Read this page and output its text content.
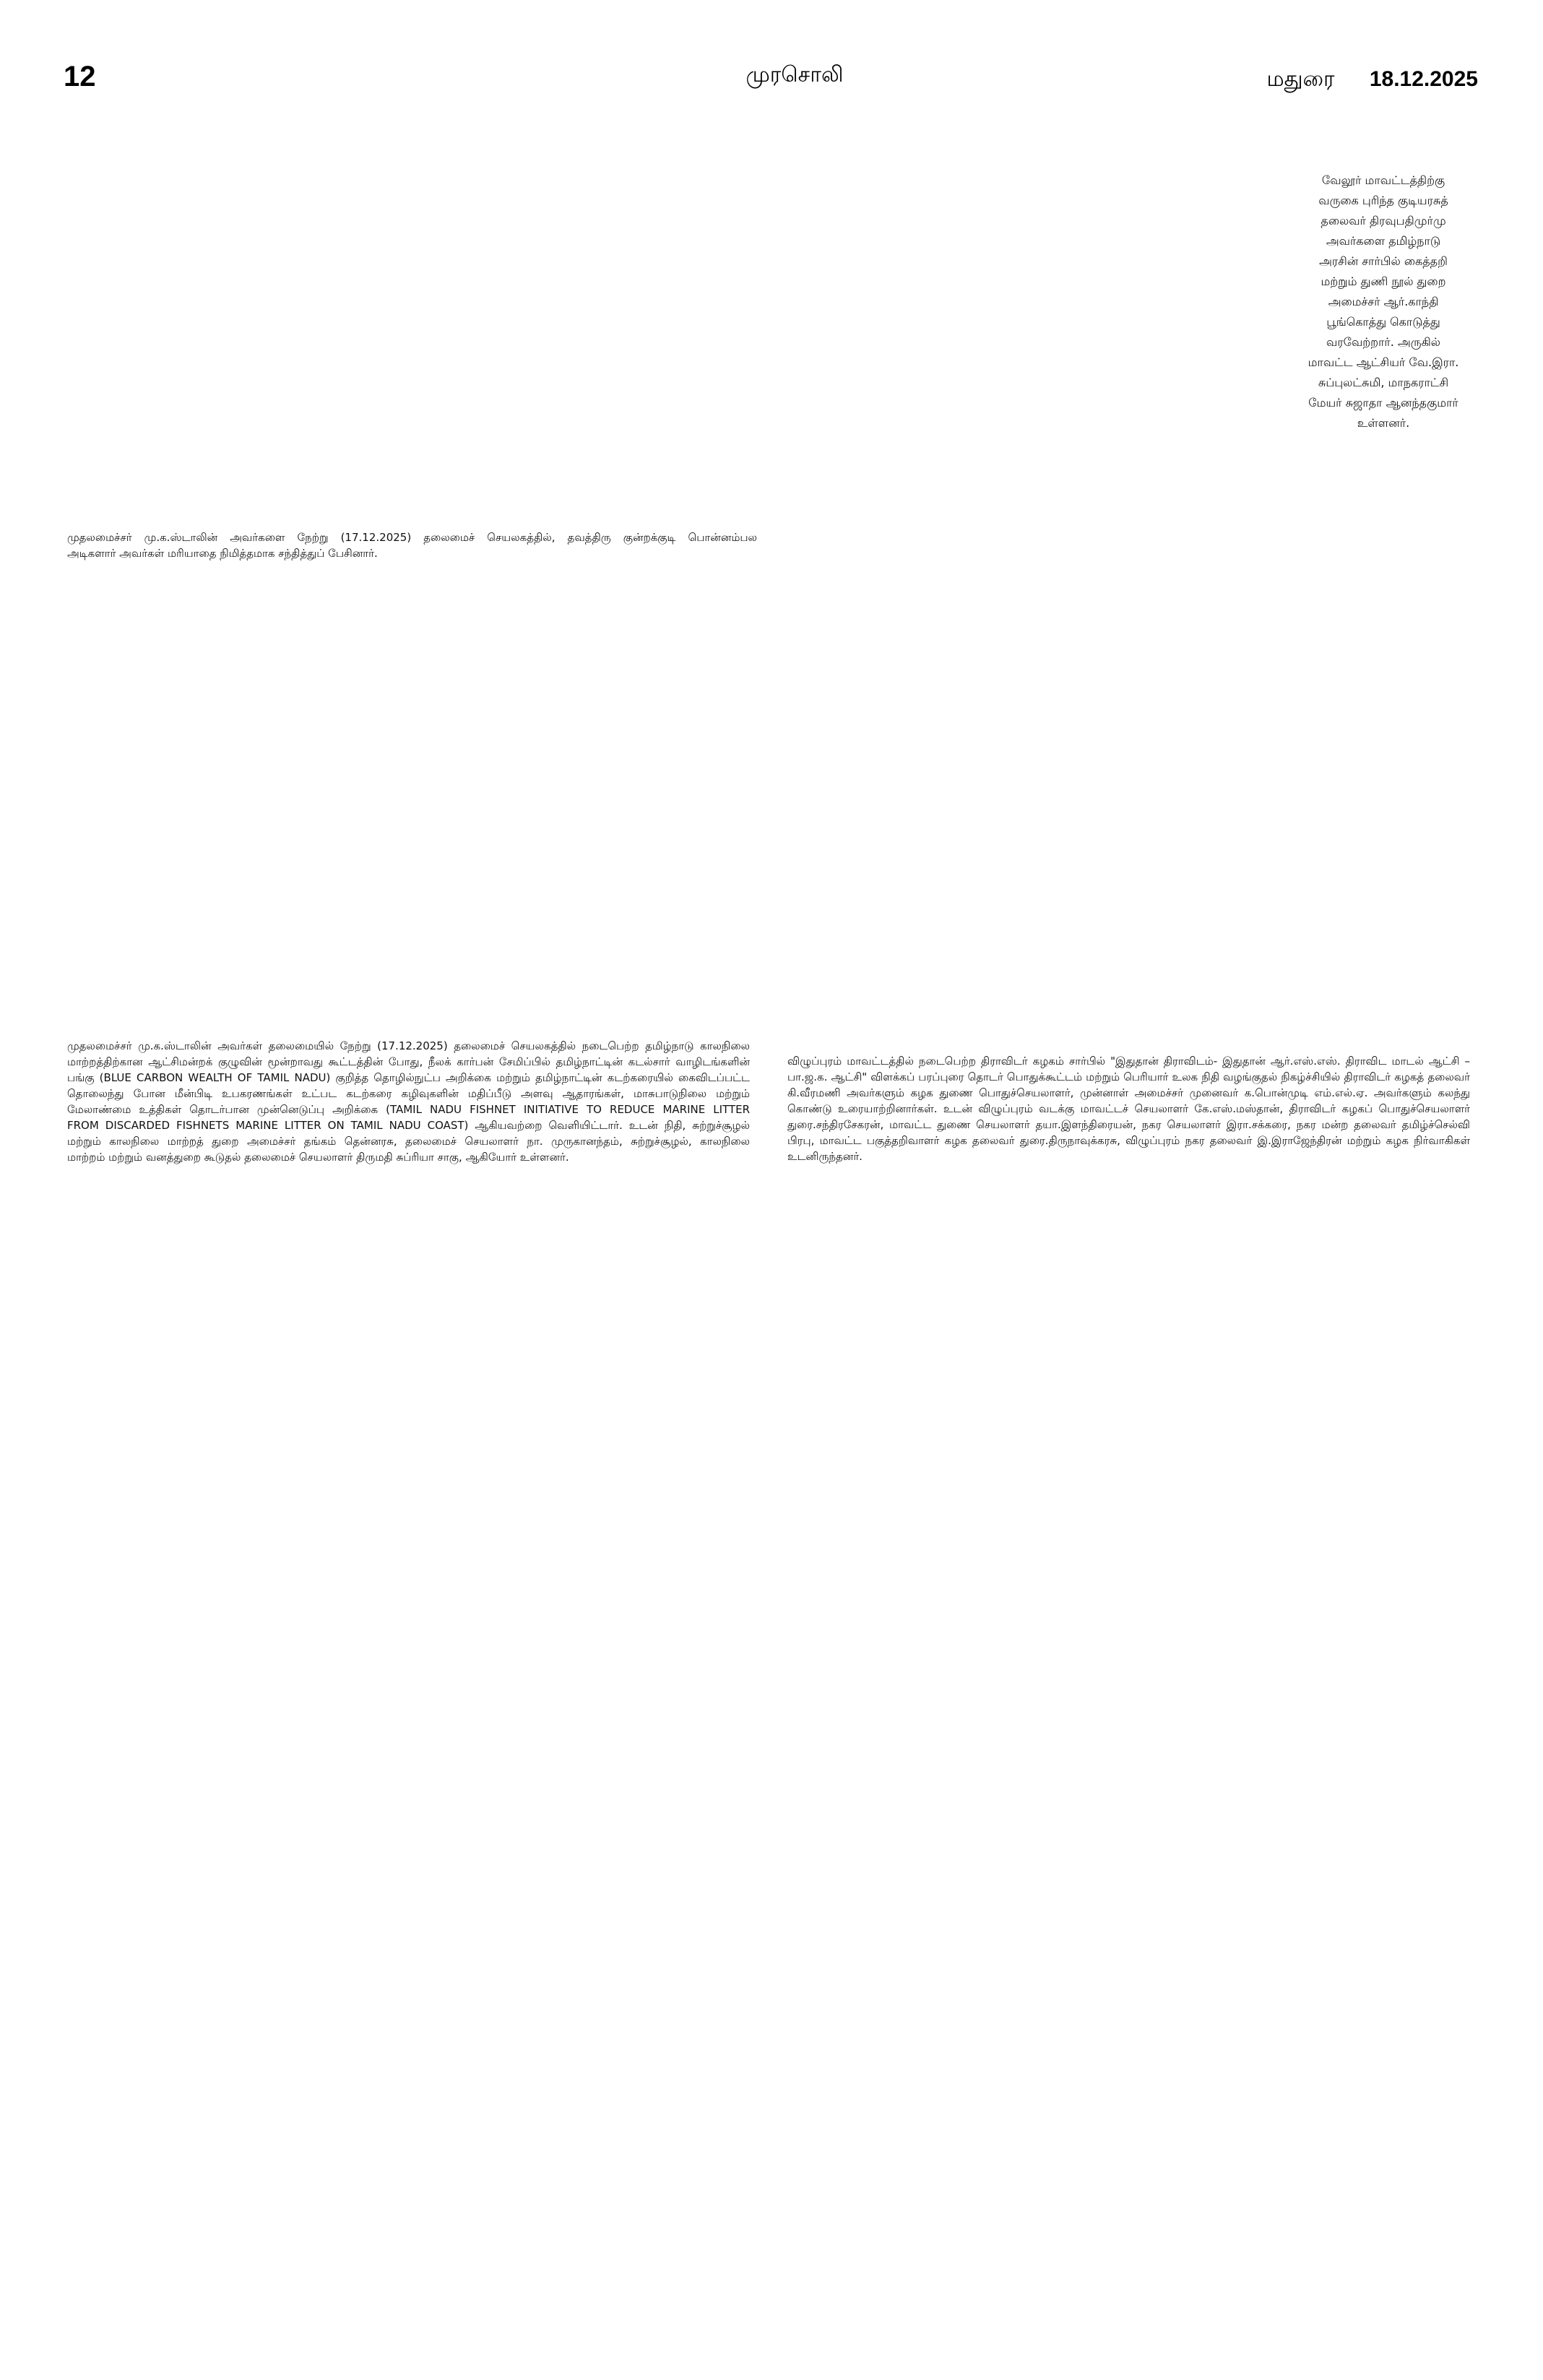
12	முரசொலி	மதுரை 18.12.2025
வேலூர் மாவட்டத்திற்கு
வருகை புரிந்த குடியரசுத்
தலைவர் திரவுபதிமுர்மு
அவர்களை தமிழ்நாடு
அரசின் சார்பில் கைத்தறி
மற்றும் துணி நூல் துறை
அமைச்சர் ஆர்.காந்தி
பூங்கொத்து கொடுத்து
வரவேற்றார். அருகில்
மாவட்ட ஆட்சியர் வே.இரா.
சுப்புலட்சுமி, மாநகராட்சி
மேயர் சுஜாதா ஆனந்தகுமார்
உள்ளனர்.
முதலமைச்சர் மு.க.ஸ்டாலின் அவர்களை நேற்று (17.12.2025) தலைமைச் செயலகத்தில், தவத்திரு குன்றக்குடி பொன்னம்பல
அடிகளார் அவர்கள் மரியாதை நிமித்தமாக சந்தித்துப் பேசினார்.
முதலமைச்சர் மு.க.ஸ்டாலின் அவர்கள் தலைமையில் நேற்று (17.12.2025) தலைமைச் செயலகத்தில் நடைபெற்ற தமிழ்நாடு காலநிலை
மாற்றத்திற்கான ஆட்சிமன்றக் குழுவின் மூன்றாவது கூட்டத்தின் போது, நீலக் கார்பன் சேமிப்பில் தமிழ்நாட்டின் கடல்சார் வாழிடங்களின்
பங்கு (BLUE CARBON WEALTH OF TAMIL NADU) குறித்த தொழில்நுட்ப அறிக்கை மற்றும் தமிழ்நாட்டின் கடற்கரையில் கைவிடப்பட்ட
தொலைந்து போன மீன்பிடி உபகரணங்கள் உட்பட கடற்கரை கழிவுகளின் மதிப்பீடு அளவு ஆதாரங்கள், மாசுபாடுநிலை மற்றும்
மேலாண்மை உத்திகள் தொடர்பான முன்னெடுப்பு அறிக்கை (TAMIL NADU FISHNET INITIATIVE TO REDUCE MARINE LITTER
FROM DISCARDED FISHNETS MARINE LITTER ON TAMIL NADU COAST) ஆகியவற்றை வெளியிட்டார். உடன் நிதி, சுற்றுச்சூழல்
மற்றும் காலநிலை மாற்றத் துறை அமைச்சர் தங்கம் தென்னரசு, தலைமைச் செயலாளர் நா. முருகானந்தம், சுற்றுச்சூழல், காலநிலை
மாற்றம் மற்றும் வனத்துறை கூடுதல் தலைமைச் செயலாளர் திருமதி சுப்ரியா சாகு, ஆகியோர் உள்ளனர்.
விழுப்புரம் மாவட்டத்தில் நடைபெற்ற திராவிடர் கழகம் சார்பில் "இதுதான் திராவிடம்- இதுதான் ஆர்.எஸ்.எஸ். திராவிட மாடல் ஆட்சி –
பா.ஜ.க. ஆட்சி" விளக்கப் பரப்புரை தொடர் பொதுக்கூட்டம் மற்றும் பெரியார் உலக நிதி வழங்குதல் நிகழ்ச்சியில் திராவிடர் கழகத் தலைவர்
கி.வீரமணி அவர்களும் கழக துணை பொதுச்செயலாளர், முன்னாள் அமைச்சர் முனைவர் க.பொன்முடி எம்.எல்.ஏ. அவர்களும் கலந்து
கொண்டு உரையாற்றினார்கள். உடன் விழுப்புரம் வடக்கு மாவட்டச் செயலாளர் கே.எஸ்.மஸ்தான், திராவிடர் கழகப் பொதுச்செயலாளர்
துரை.சந்திரசேகரன், மாவட்ட துணை செயலாளர் தயா.இளந்திரையன், நகர செயலாளர் இரா.சக்கரை, நகர மன்ற தலைவர் தமிழ்ச்செல்வி
பிரபு, மாவட்ட பகுத்தறிவாளர் கழக தலைவர் துரை.திருநாவுக்கரசு, விழுப்புரம் நகர தலைவர் இ.இராஜேந்திரன் மற்றும் கழக நிர்வாகிகள்
உடனிருந்தனர்.
